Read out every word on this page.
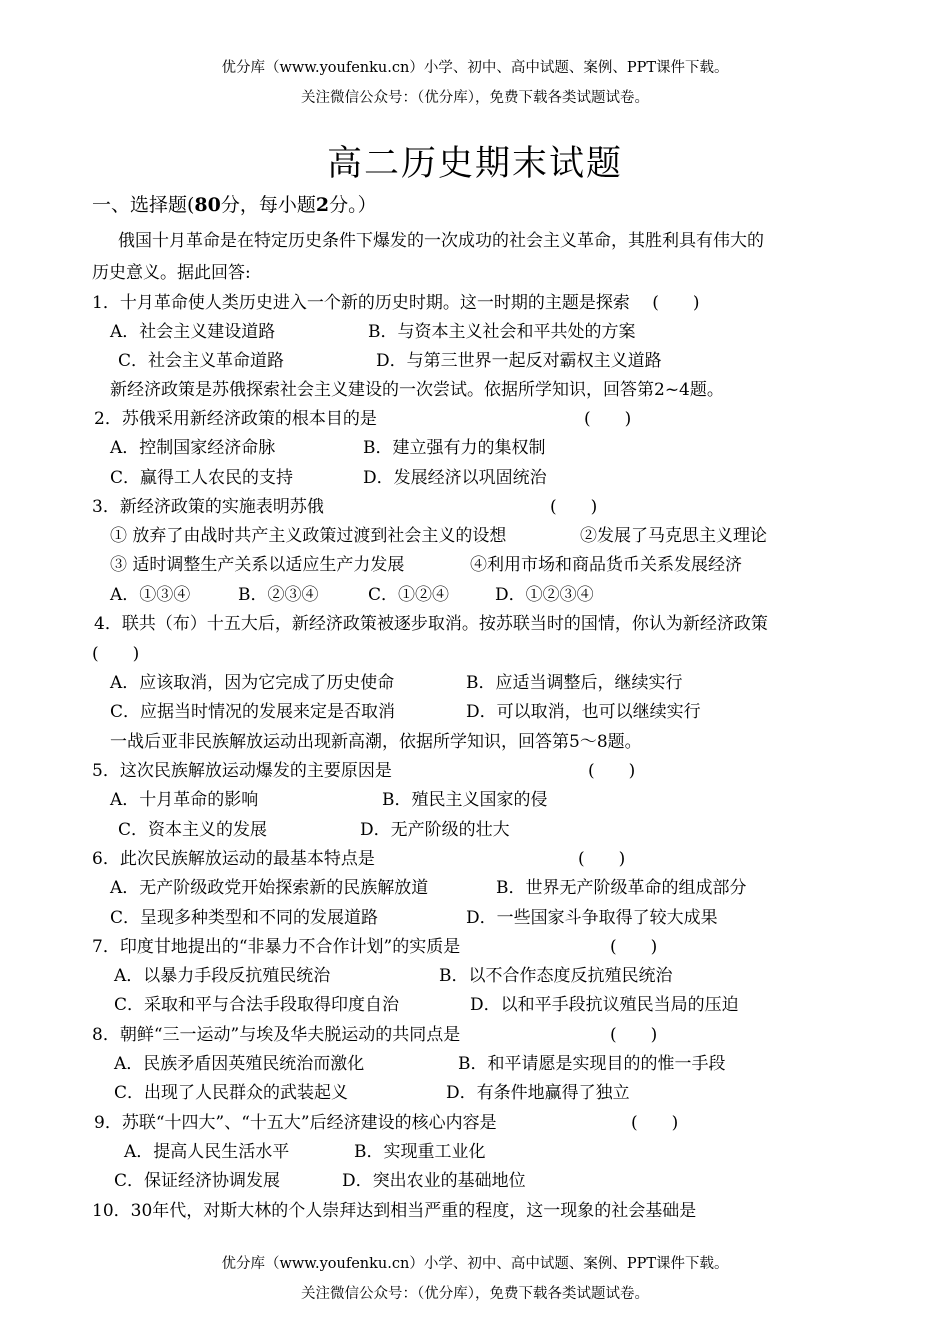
优分库（www.youfenku.cn）小学、初中、高中试题、案例、PPT课件下载。
关注微信公众号：（优分库），免费下载各类试题试卷。
高二历史期末试题
一、选择题(80分，每小题2分。）
俄国十月革命是在特定历史条件下爆发的一次成功的社会主义革命，其胜利具有伟大的
历史意义。据此回答:
1．十月革命使人类历史进入一个新的历史时期。这一时期的主题是探索　 (　　)
A．社会主义建设道路	B．与资本主义社会和平共处的方案
C．社会主义革命道路	D．与第三世界一起反对霸权主义道路
新经济政策是苏俄探索社会主义建设的一次尝试。依据所学知识，回答第2~4题。
2．苏俄采用新经济政策的根本目的是	(　　)
A．控制国家经济命脉	B．建立强有力的集权制
C．赢得工人农民的支持	D．发展经济以巩固统治
3．新经济政策的实施表明苏俄	(　　)
① 放弃了由战时共产主义政策过渡到社会主义的设想	②发展了马克思主义理论
③ 适时调整生产关系以适应生产力发展	④利用市场和商品货币关系发展经济
A．①③④	B．②③④	C．①②④	D．①②③④
4．联共（布）十五大后，新经济政策被逐步取消。按苏联当时的国情，你认为新经济政策
(　　)
A．应该取消，因为它完成了历史使命	B．应适当调整后，继续实行
C．应据当时情况的发展来定是否取消	D．可以取消，也可以继续实行
一战后亚非民族解放运动出现新高潮，依据所学知识，回答第5～8题。
5．这次民族解放运动爆发的主要原因是	(　　)
A．十月革命的影响	B．殖民主义国家的侵
C．资本主义的发展	D．无产阶级的壮大
6．此次民族解放运动的最基本特点是	(　　)
A．无产阶级政党开始探索新的民族解放道	B．世界无产阶级革命的组成部分
C．呈现多种类型和不同的发展道路	D．一些国家斗争取得了较大成果
7．印度甘地提出的“非暴力不合作计划”的实质是	(　　)
A．以暴力手段反抗殖民统治	B．以不合作态度反抗殖民统治
C．采取和平与合法手段取得印度自治	D．以和平手段抗议殖民当局的压迫
8．朝鲜“三一运动”与埃及华夫脱运动的共同点是	(　　)
A．民族矛盾因英殖民统治而激化	B．和平请愿是实现目的的惟一手段
C．出现了人民群众的武装起义	D．有条件地赢得了独立
9．苏联“十四大”、“十五大”后经济建设的核心内容是	(　　)
A．提高人民生活水平	B．实现重工业化
C．保证经济协调发展	D．突出农业的基础地位
10．30年代，对斯大林的个人崇拜达到相当严重的程度，这一现象的社会基础是
优分库（www.youfenku.cn）小学、初中、高中试题、案例、PPT课件下载。
关注微信公众号：（优分库），免费下载各类试题试卷。
